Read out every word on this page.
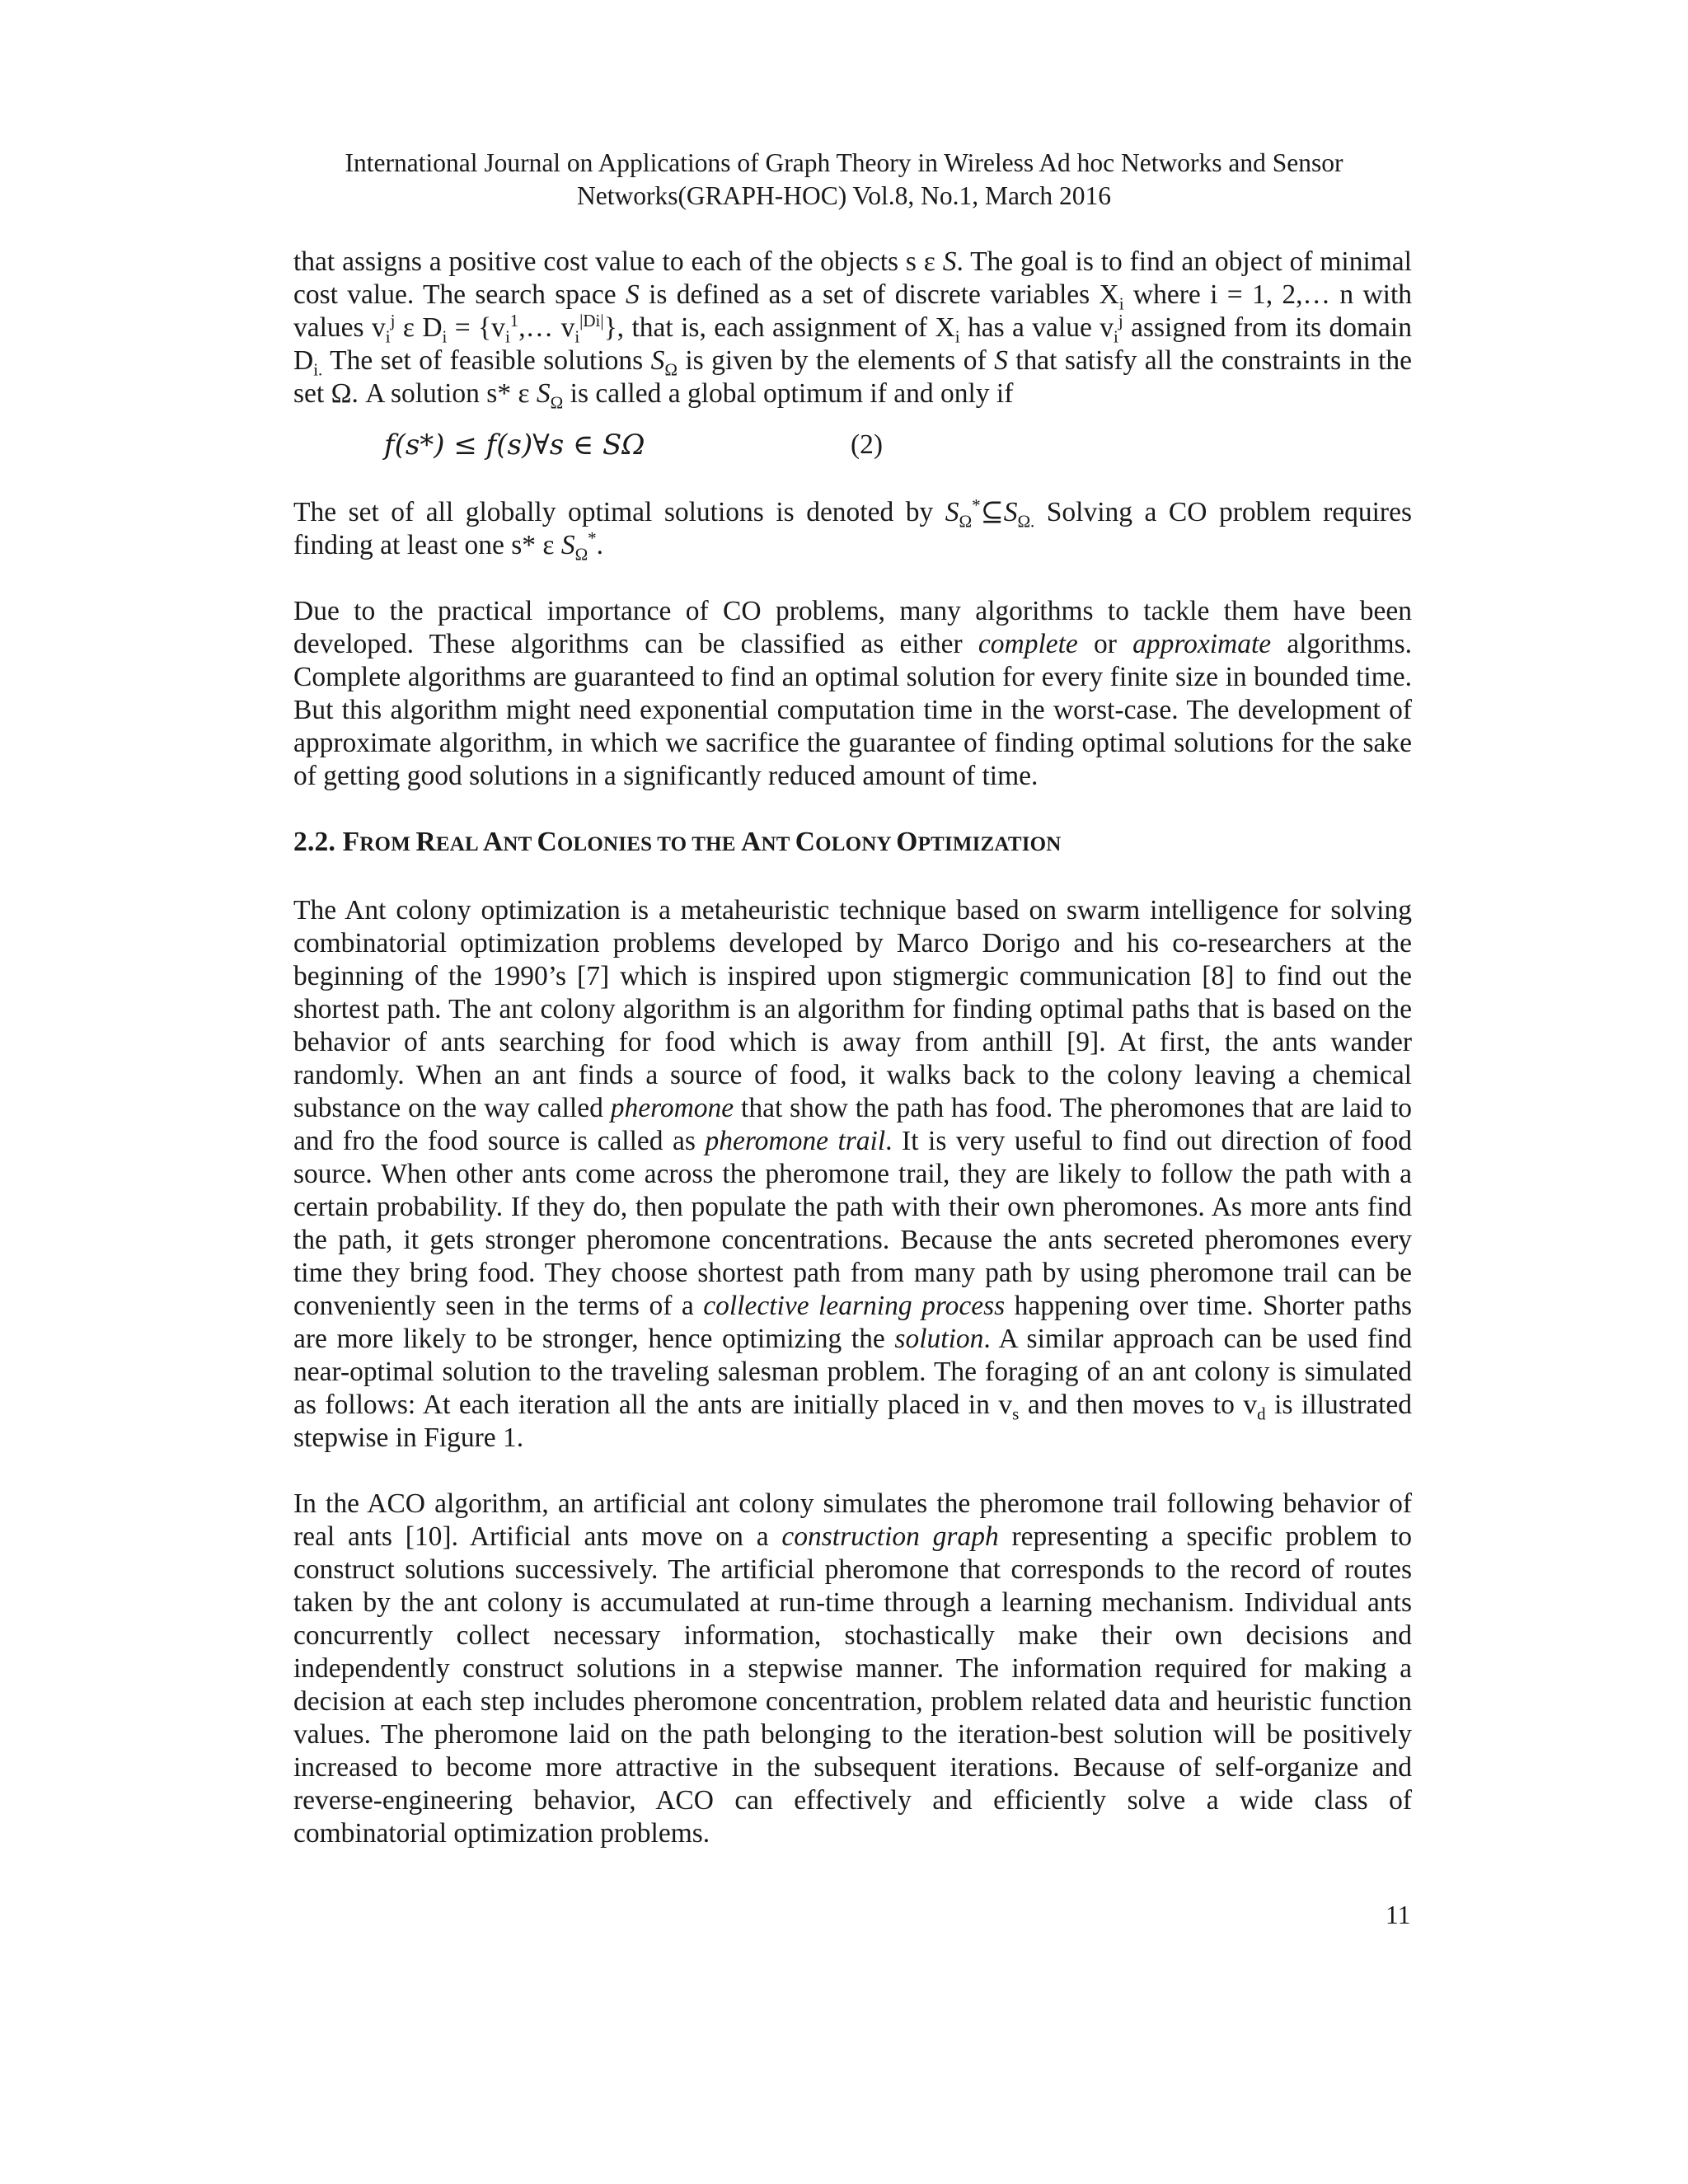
International Journal on Applications of Graph Theory in Wireless Ad hoc Networks and Sensor
Networks(GRAPH-HOC) Vol.8, No.1, March 2016

that assigns a positive cost value to each of the objects s ε S. The goal is to find an object of minimal cost value. The search space S is defined as a set of discrete variables $X_i$ where i = 1, 2,… n with values $v_i^j$ ε $D_i$ = {$v_i^1,\dots$ $v_i^{|Di|}$}, that is, each assignment of $X_i$ has a value $v_i^j$ assigned from its domain $D_{i.}$ The set of feasible solutions $S_\Omega$ is given by the elements of S that satisfy all the constraints in the set Ω. A solution s* ε $S_\Omega$ is called a global optimum if and only if

f(s*) ≤ f(s)∀s ∈ SΩ	(2)

The set of all globally optimal solutions is denoted by $S_\Omega^*⊆S_{\Omega.}$ Solving a CO problem requires finding at least one s* ε $S_\Omega^*$.

Due to the practical importance of CO problems, many algorithms to tackle them have been developed. These algorithms can be classified as either complete or approximate algorithms. Complete algorithms are guaranteed to find an optimal solution for every finite size in bounded time. But this algorithm might need exponential computation time in the worst-case. The development of approximate algorithm, in which we sacrifice the guarantee of finding optimal solutions for the sake of getting good solutions in a significantly reduced amount of time.

2.2. FROM REAL ANT COLONIES TO THE ANT COLONY OPTIMIZATION

The Ant colony optimization is a metaheuristic technique based on swarm intelligence for solving combinatorial optimization problems developed by Marco Dorigo and his co-researchers at the beginning of the 1990’s [7] which is inspired upon stigmergic communication [8] to find out the shortest path. The ant colony algorithm is an algorithm for finding optimal paths that is based on the behavior of ants searching for food which is away from anthill [9]. At first, the ants wander randomly. When an ant finds a source of food, it walks back to the colony leaving a chemical substance on the way called pheromone that show the path has food. The pheromones that are laid to and fro the food source is called as pheromone trail. It is very useful to find out direction of food source. When other ants come across the pheromone trail, they are likely to follow the path with a certain probability. If they do, then populate the path with their own pheromones. As more ants find the path, it gets stronger pheromone concentrations. Because the ants secreted pheromones every time they bring food. They choose shortest path from many path by using pheromone trail can be conveniently seen in the terms of a collective learning process happening over time. Shorter paths are more likely to be stronger, hence optimizing the solution. A similar approach can be used find near-optimal solution to the traveling salesman problem. The foraging of an ant colony is simulated as follows: At each iteration all the ants are initially placed in $v_s$ and then moves to $v_d$ is illustrated stepwise in Figure 1.

In the ACO algorithm, an artificial ant colony simulates the pheromone trail following behavior of real ants [10]. Artificial ants move on a construction graph representing a specific problem to construct solutions successively. The artificial pheromone that corresponds to the record of routes taken by the ant colony is accumulated at run-time through a learning mechanism. Individual ants concurrently collect necessary information, stochastically make their own decisions and independently construct solutions in a stepwise manner. The information required for making a decision at each step includes pheromone concentration, problem related data and heuristic function values. The pheromone laid on the path belonging to the iteration-best solution will be positively increased to become more attractive in the subsequent iterations. Because of self-organize and reverse-engineering behavior, ACO can effectively and efficiently solve a wide class of combinatorial optimization problems.

11
